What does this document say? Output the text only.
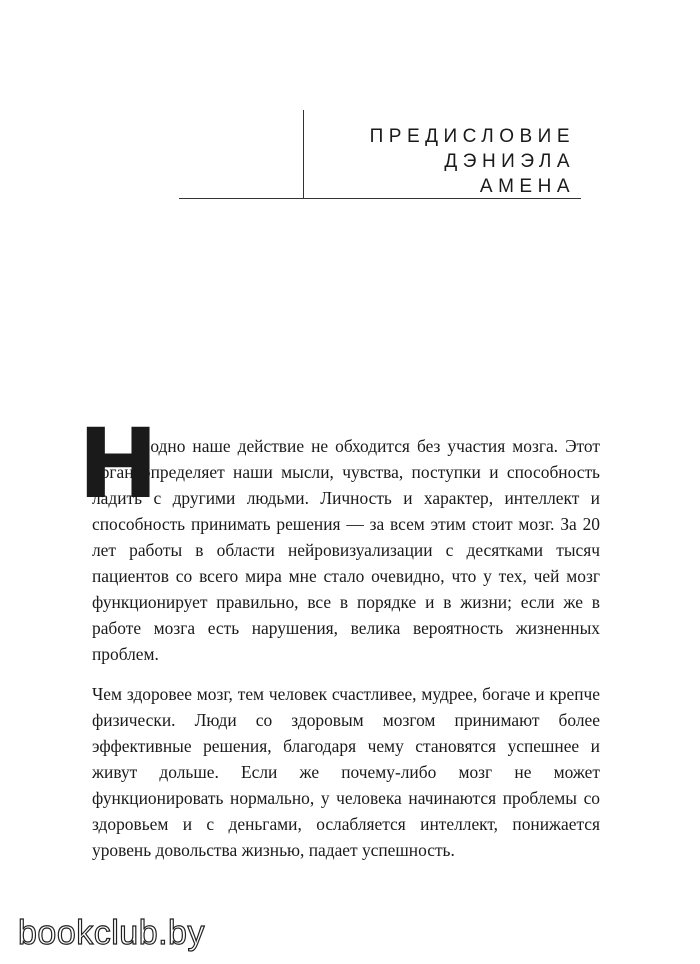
ПРЕДИСЛОВИЕ
ДЭНИЭЛА
АМЕНА
Н

и одно наше действие не обходится без участия мозга. Этот орган определяет наши мысли, чувства, поступки и способность ладить с другими людьми. Личность и характер, интеллект и способность принимать решения — за всем этим стоит мозг. За 20 лет работы в области нейровизуализации с десятками тысяч пациентов со всего мира мне стало очевидно, что у тех, чей мозг функционирует правильно, все в порядке и в жизни; если же в работе мозга есть нарушения, велика вероятность жизненных проблем.

Чем здоровее мозг, тем человек счастливее, мудрее, богаче и крепче физически. Люди со здоровым мозгом принимают более эффективные решения, благодаря чему становятся успешнее и живут дольше. Если же почему-либо мозг не может функционировать нормально, у человека начинаются проблемы со здоровьем и с деньгами, ослабляется интеллект, понижается уровень довольства жизнью, падает успешность.

bookclub.by
